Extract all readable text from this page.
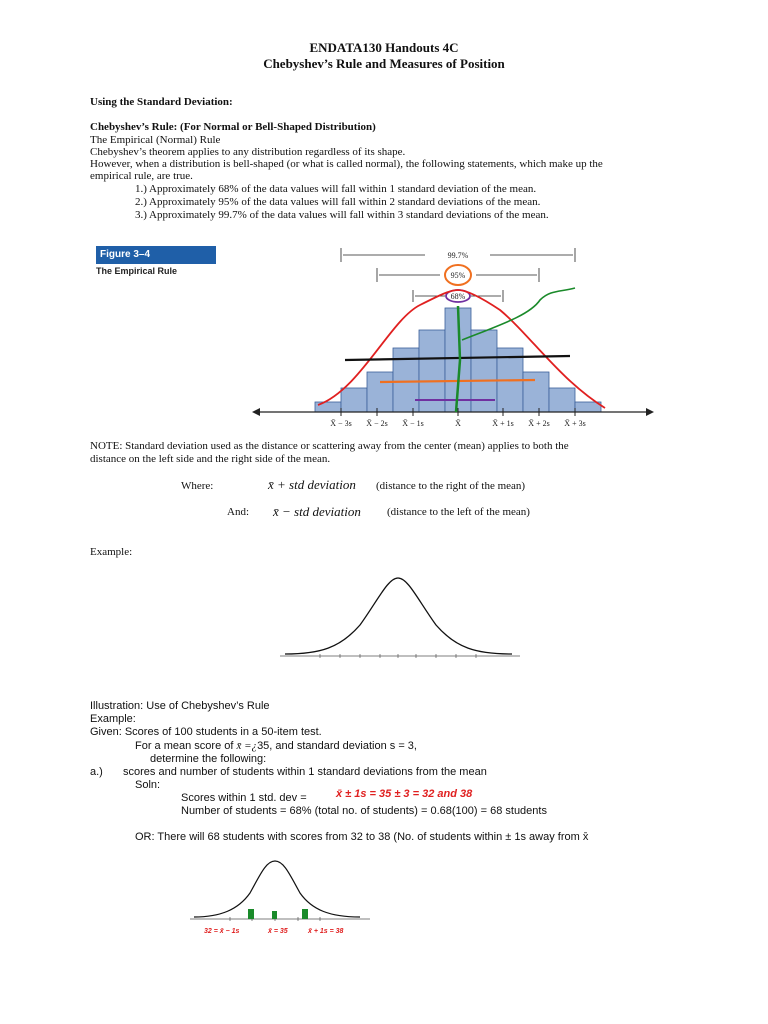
ENDATA130 Handouts 4C
Chebyshev’s Rule and Measures of Position
Using the Standard Deviation:
Chebyshev’s Rule: (For Normal or Bell-Shaped Distribution)
The Empirical (Normal) Rule
Chebyshev’s theorem applies to any distribution regardless of its shape.
However, when a distribution is bell-shaped (or what is called normal), the following statements, which make up the
empirical rule, are true.
1.) Approximately 68% of the data values will fall within 1 standard deviation of the mean.
2.) Approximately 95% of the data values will fall within 2 standard deviations of the mean.
3.) Approximately 99.7% of the data values will fall within 3 standard deviations of the mean.
Figure 3–4
The Empirical Rule
X̄ − 3s X̄ − 2s X̄ − 1s	X̄	X̄ + 1s X̄ + 2s X̄ + 3s
99.7%
95%
68%
NOTE: Standard deviation used as the distance or scattering away from the center (mean) applies to both the
distance on the left side and the right side of the mean.
Where:	x̄ + std deviation (distance to the right of the mean)
And: x̄ − std deviation (distance to the left of the mean)
Example:
Illustration: Use of Chebyshev’s Rule
Example:
Given: Scores of 100 students in a 50-item test.
For a mean score of x̄ =¿35, and standard deviation s = 3,
determine the following:
a.) scores and number of students within 1 standard deviations from the mean
Soln:
Scores within 1 std. dev =	x̄ ± 1s = 35 ± 3 = 32 and 38
Number of students = 68% (total no. of students) = 0.68(100) = 68 students
OR: There will 68 students with scores from 32 to 38 (No. of students within ± 1s away from x̄
32 = x̄ − 1s	x̄ = 35	x̄ + 1s = 38
